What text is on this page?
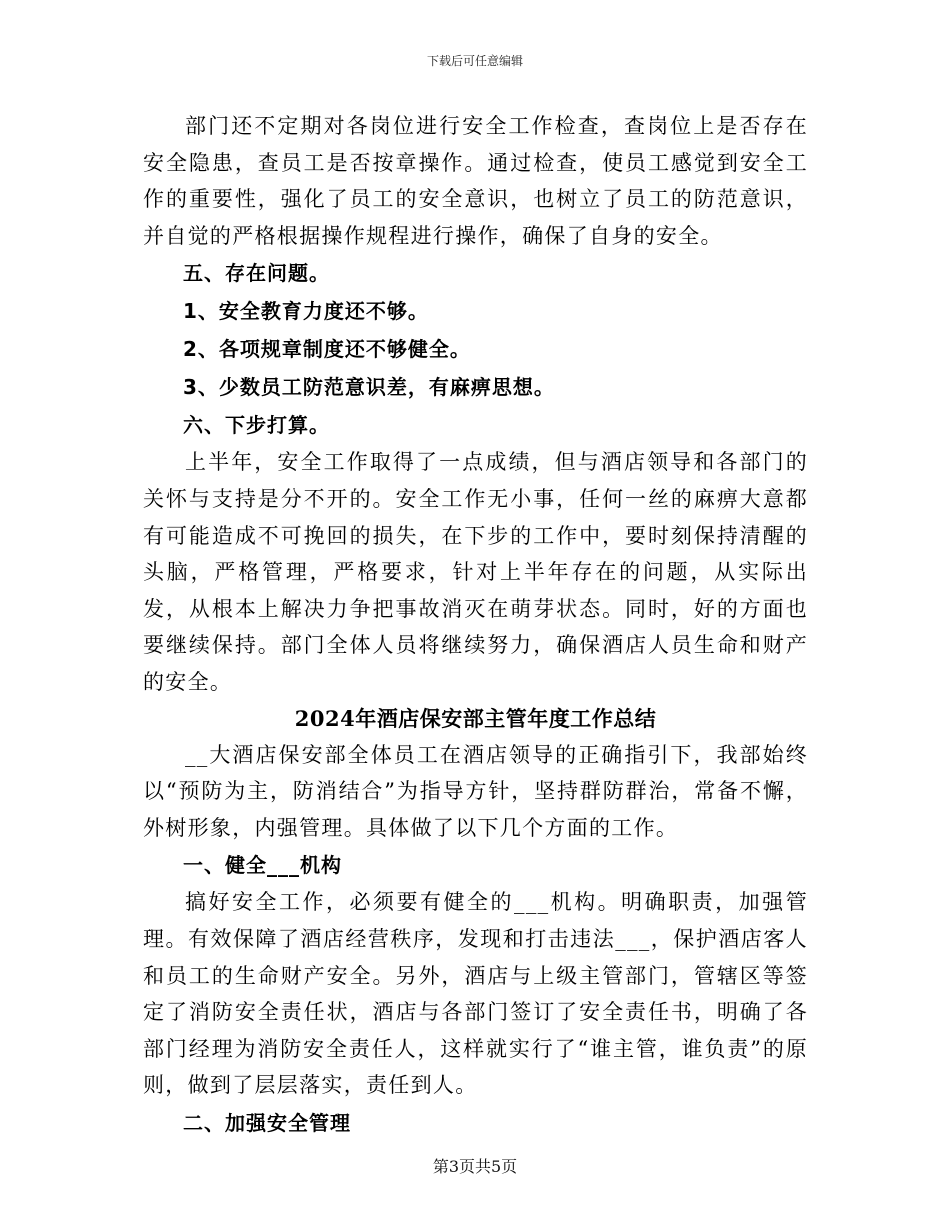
下载后可任意编辑

部门还不定期对各岗位进行安全工作检查，查岗位上是否存在安全隐患，查员工是否按章操作。通过检查，使员工感觉到安全工作的重要性，强化了员工的安全意识，也树立了员工的防范意识，并自觉的严格根据操作规程进行操作，确保了自身的安全。

五、存在问题。

1、安全教育力度还不够。

2、各项规章制度还不够健全。

3、少数员工防范意识差，有麻痹思想。

六、下步打算。

上半年，安全工作取得了一点成绩，但与酒店领导和各部门的关怀与支持是分不开的。安全工作无小事，任何一丝的麻痹大意都有可能造成不可挽回的损失，在下步的工作中，要时刻保持清醒的头脑，严格管理，严格要求，针对上半年存在的问题，从实际出发，从根本上解决力争把事故消灭在萌芽状态。同时，好的方面也要继续保持。部门全体人员将继续努力，确保酒店人员生命和财产的安全。

2024年酒店保安部主管年度工作总结

__大酒店保安部全体员工在酒店领导的正确指引下，我部始终以“预防为主，防消结合”为指导方针，坚持群防群治，常备不懈，外树形象，内强管理。具体做了以下几个方面的工作。

一、健全___机构

搞好安全工作，必须要有健全的___机构。明确职责，加强管理。有效保障了酒店经营秩序，发现和打击违法___，保护酒店客人和员工的生命财产安全。另外，酒店与上级主管部门，管辖区等签定了消防安全责任状，酒店与各部门签订了安全责任书，明确了各部门经理为消防安全责任人，这样就实行了“谁主管，谁负责”的原则，做到了层层落实，责任到人。

二、加强安全管理

第3页共5页
